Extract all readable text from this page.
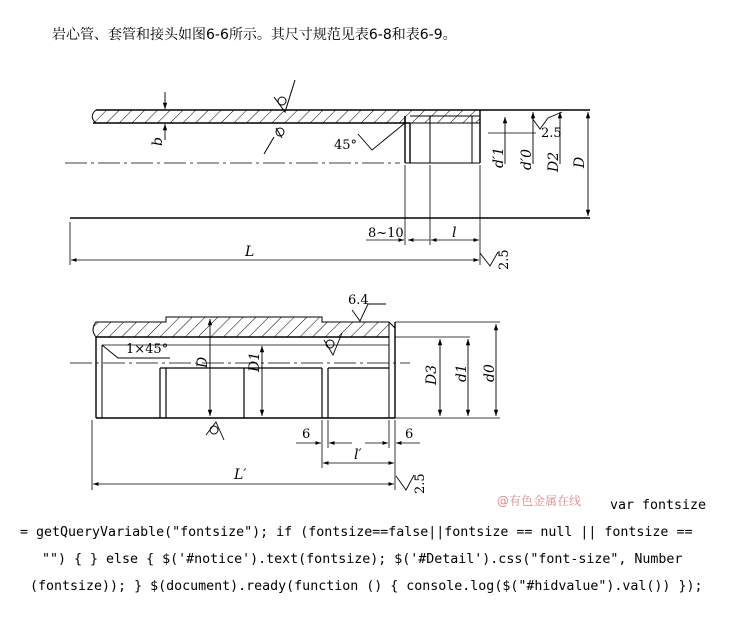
岩心管、套管和接头如图6-6所示。其尺寸规范见表6-8和表6-9。
b	45°
2.5
d′1 d′0 D2 D
8~10	l
L	2.5
1×45°
6.4
D	D1
D3 d1 d0
6	6
l′
L′	2.5
@有色金属在线	var fontsize
= getQueryVariable("fontsize"); if (fontsize==false||fontsize == null || fontsize ==
"") { } else { $('#notice').text(fontsize); $('#Detail').css("font-size", Number
(fontsize)); } $(document).ready(function () { console.log($("#hidvalue").val()) });
